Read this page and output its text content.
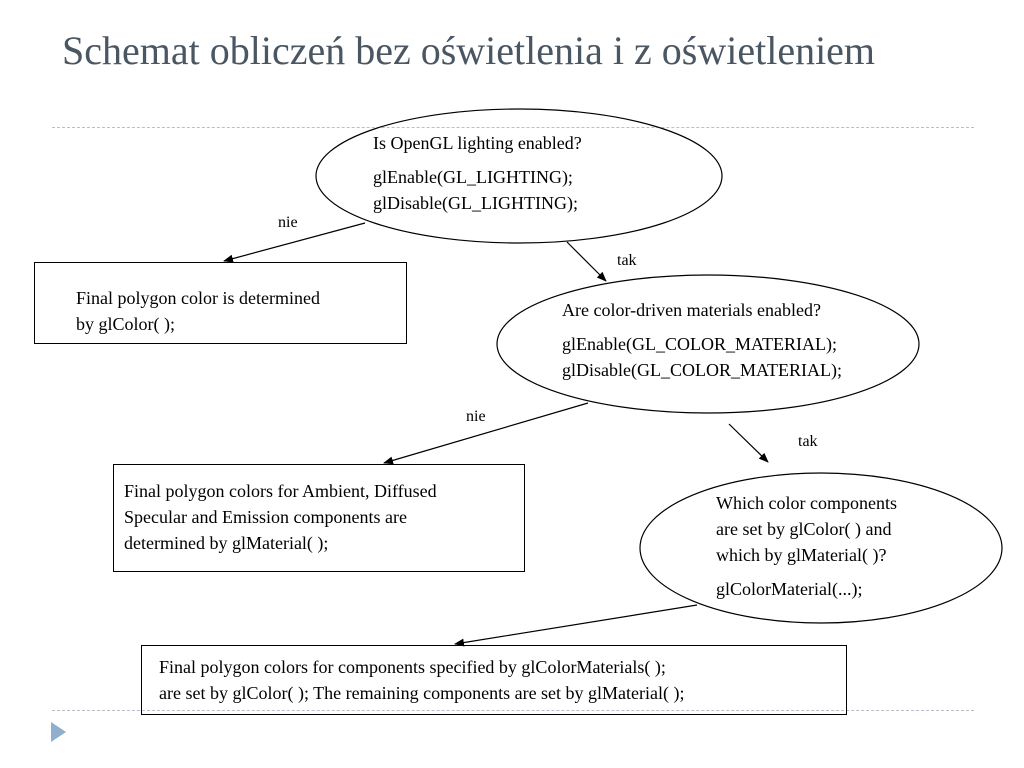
Schemat obliczeń bez oświetlenia i z oświetleniem
Is OpenGL lighting enabled?
glEnable(GL_LIGHTING);
glDisable(GL_LIGHTING);
Are color-driven materials enabled?
glEnable(GL_COLOR_MATERIAL);
glDisable(GL_COLOR_MATERIAL);
Which color components
are set by glColor( ) and
which by glMaterial( )?
glColorMaterial(...);
Final polygon color is determined
by glColor( );
Final polygon colors for Ambient, Diffused
Specular and Emission components are
determined by glMaterial( );
Final polygon colors for components specified by glColorMaterials( );
are set by glColor( ); The remaining components are set by glMaterial( );
nie
tak
nie
tak
